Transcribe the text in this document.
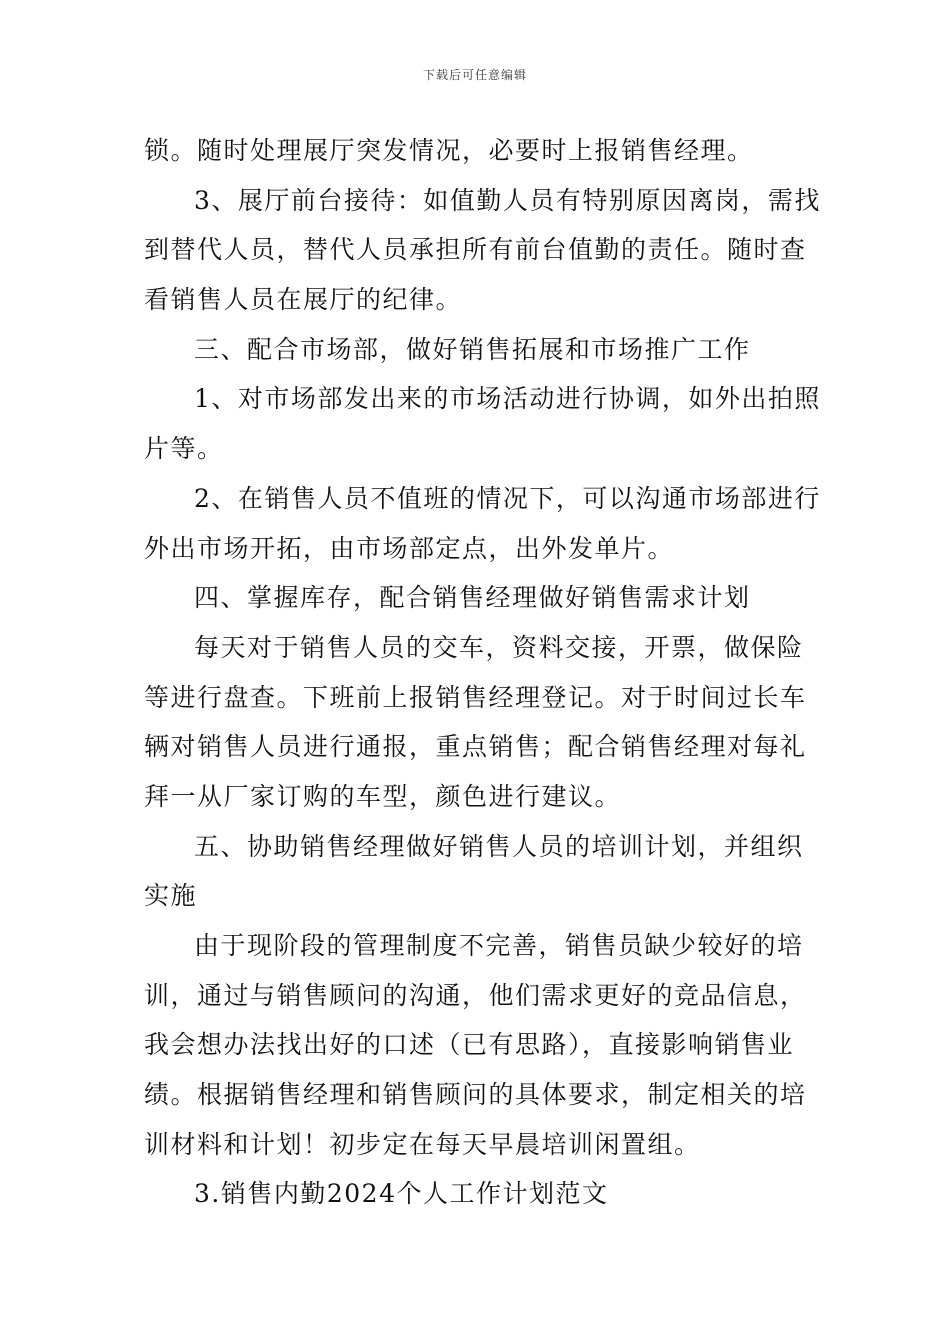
下载后可任意编辑
锁。随时处理展厅突发情况，必要时上报销售经理。
3、展厅前台接待：如值勤人员有特别原因离岗，需找
到替代人员，替代人员承担所有前台值勤的责任。随时查
看销售人员在展厅的纪律。
三、配合市场部，做好销售拓展和市场推广工作
1、对市场部发出来的市场活动进行协调，如外出拍照
片等。
2、在销售人员不值班的情况下，可以沟通市场部进行
外出市场开拓，由市场部定点，出外发单片。
四、掌握库存，配合销售经理做好销售需求计划
每天对于销售人员的交车，资料交接，开票，做保险
等进行盘查。下班前上报销售经理登记。对于时间过长车
辆对销售人员进行通报，重点销售；配合销售经理对每礼
拜一从厂家订购的车型，颜色进行建议。
五、协助销售经理做好销售人员的培训计划，并组织
实施
由于现阶段的管理制度不完善，销售员缺少较好的培
训，通过与销售顾问的沟通，他们需求更好的竞品信息，
我会想办法找出好的口述（已有思路），直接影响销售业
绩。根据销售经理和销售顾问的具体要求，制定相关的培
训材料和计划！初步定在每天早晨培训闲置组。
3.销售内勤2024个人工作计划范文
